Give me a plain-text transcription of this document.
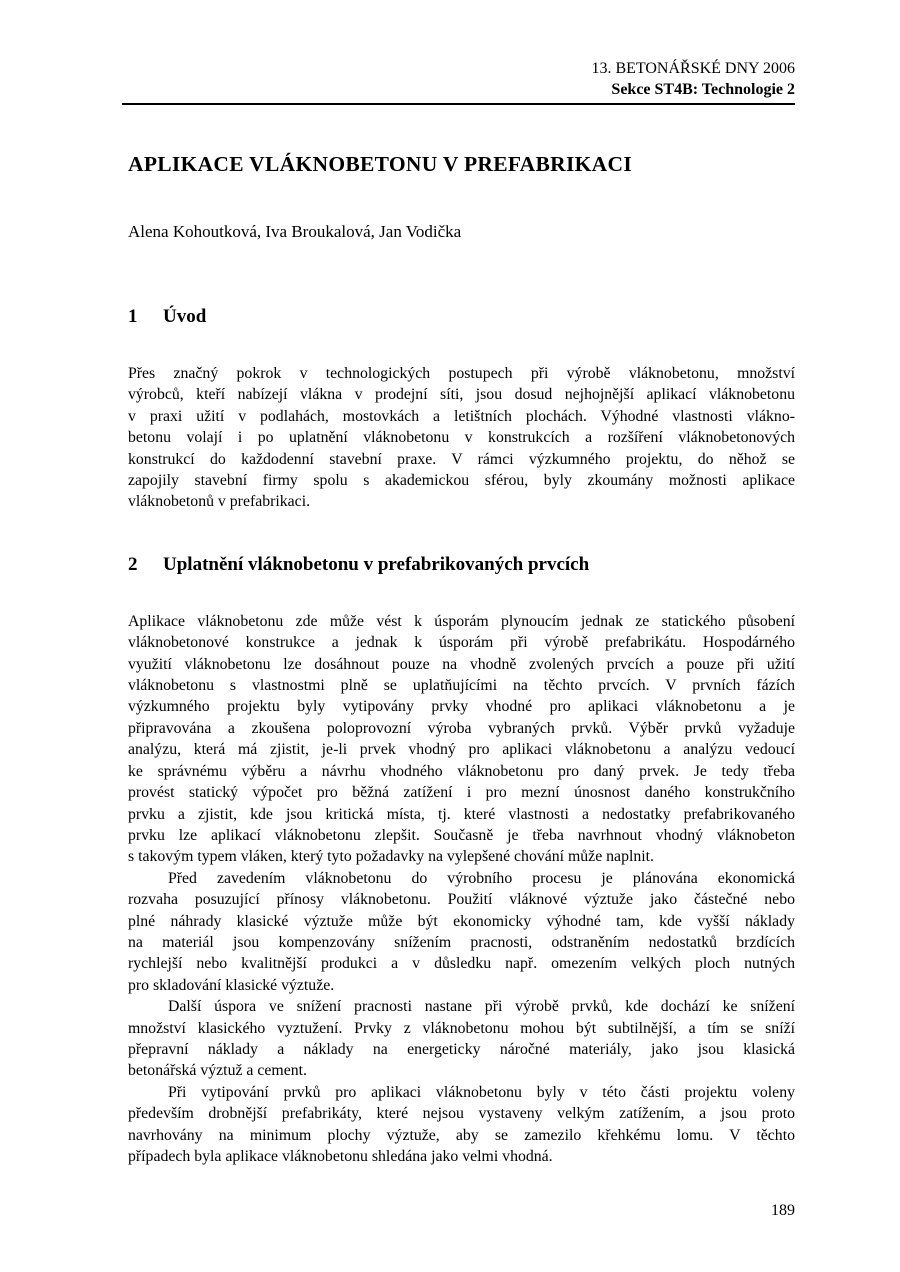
13. BETONÁŘSKÉ DNY 2006
Sekce ST4B: Technologie 2
APLIKACE VLÁKNOBETONU V PREFABRIKACI
Alena Kohoutková, Iva Broukalová, Jan Vodička
1 Úvod
Přes značný pokrok v technologických postupech při výrobě vláknobetonu, množství
výrobců, kteří nabízejí vlákna v prodejní síti, jsou dosud nejhojnější aplikací vláknobetonu
v praxi užití v podlahách, mostovkách a letištních plochách. Výhodné vlastnosti vlákno-
betonu volají i po uplatnění vláknobetonu v konstrukcích a rozšíření vláknobetonových
konstrukcí do každodenní stavební praxe. V rámci výzkumného projektu, do něhož se
zapojily stavební firmy spolu s akademickou sférou, byly zkoumány možnosti aplikace
vláknobetonů v prefabrikaci.
2 Uplatnění vláknobetonu v prefabrikovaných prvcích
Aplikace vláknobetonu zde může vést k úsporám plynoucím jednak ze statického působení
vláknobetonové konstrukce a jednak k úsporám při výrobě prefabrikátu. Hospodárného
využití vláknobetonu lze dosáhnout pouze na vhodně zvolených prvcích a pouze při užití
vláknobetonu s vlastnostmi plně se uplatňujícími na těchto prvcích. V prvních fázích
výzkumného projektu byly vytipovány prvky vhodné pro aplikaci vláknobetonu a je
připravována a zkoušena poloprovozní výroba vybraných prvků. Výběr prvků vyžaduje
analýzu, která má zjistit, je-li prvek vhodný pro aplikaci vláknobetonu a analýzu vedoucí
ke správnému výběru a návrhu vhodného vláknobetonu pro daný prvek. Je tedy třeba
provést statický výpočet pro běžná zatížení i pro mezní únosnost daného konstrukčního
prvku a zjistit, kde jsou kritická místa, tj. které vlastnosti a nedostatky prefabrikovaného
prvku lze aplikací vláknobetonu zlepšit. Současně je třeba navrhnout vhodný vláknobeton
s takovým typem vláken, který tyto požadavky na vylepšené chování může naplnit.
Před zavedením vláknobetonu do výrobního procesu je plánována ekonomická
rozvaha posuzující přínosy vláknobetonu. Použití vláknové výztuže jako částečné nebo
plné náhrady klasické výztuže může být ekonomicky výhodné tam, kde vyšší náklady
na materiál jsou kompenzovány snížením pracnosti, odstraněním nedostatků brzdících
rychlejší nebo kvalitnější produkci a v důsledku např. omezením velkých ploch nutných
pro skladování klasické výztuže.
Další úspora ve snížení pracnosti nastane při výrobě prvků, kde dochází ke snížení
množství klasického vyztužení. Prvky z vláknobetonu mohou být subtilnější, a tím se sníží
přepravní náklady a náklady na energeticky náročné materiály, jako jsou klasická
betonářská výztuž a cement.
Při vytipování prvků pro aplikaci vláknobetonu byly v této části projektu voleny
především drobnější prefabrikáty, které nejsou vystaveny velkým zatížením, a jsou proto
navrhovány na minimum plochy výztuže, aby se zamezilo křehkému lomu. V těchto
případech byla aplikace vláknobetonu shledána jako velmi vhodná.
189
